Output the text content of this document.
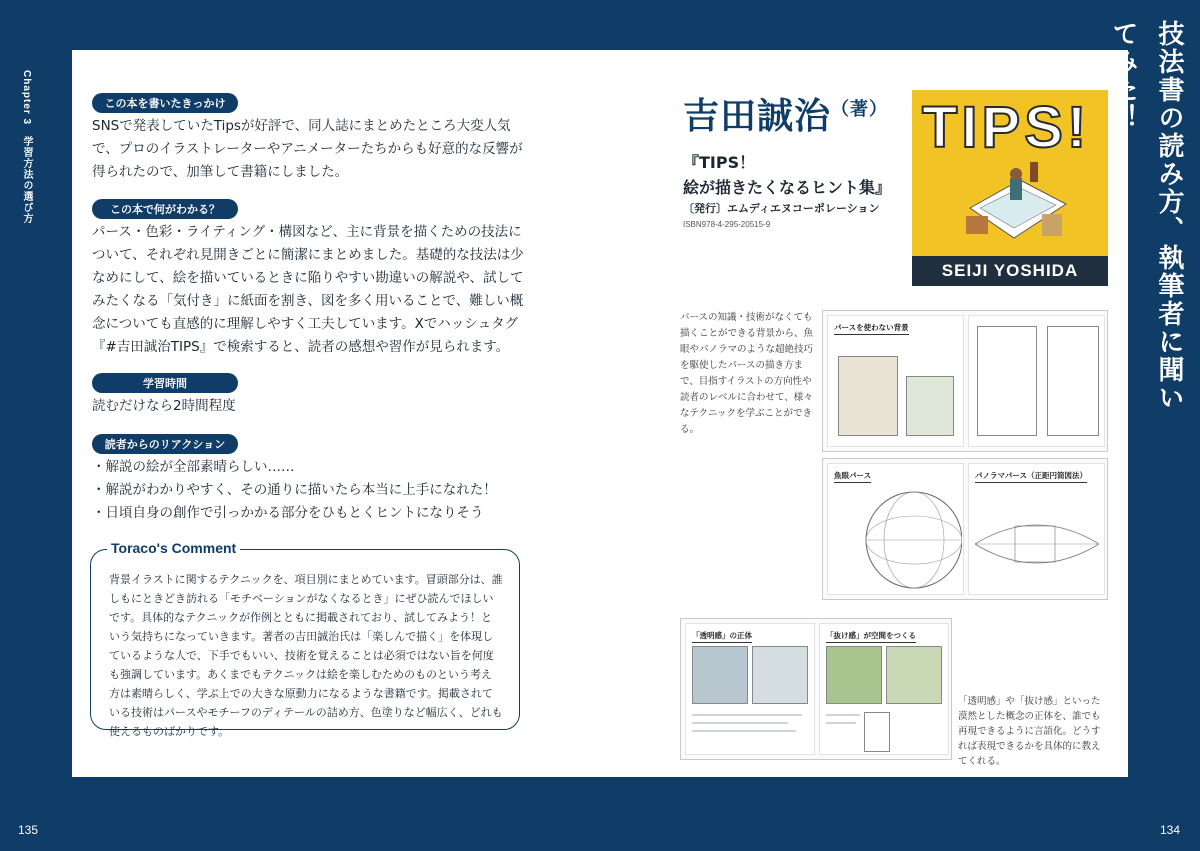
Chapter 3 学習方法の選び方	技法書の読み方、執筆者に聞いてみた！
135	134
この本を書いたきっかけ

SNSで発表していたTipsが好評で、同人誌にまとめたところ大変人気で、プロのイラストレーターやアニメーターたちからも好意的な反響が得られたので、加筆して書籍にしました。

この本で何がわかる？

パース・色彩・ライティング・構図など、主に背景を描くための技法について、それぞれ見開きごとに簡潔にまとめました。基礎的な技法は少なめにして、絵を描いているときに陥りやすい勘違いの解説や、試してみたくなる「気付き」に紙面を割き、図を多く用いることで、難しい概念についても直感的に理解しやすく工夫しています。Xでハッシュタグ『#吉田誠治TIPS』で検索すると、読者の感想や習作が見られます。

学習時間

読むだけなら2時間程度

読者からのリアクション

・解説の絵が全部素晴らしい……

・解説がわかりやすく、その通りに描いたら本当に上手になれた！

・日頃自身の創作で引っかかる部分をひもとくヒントになりそう

Toraco's Comment

背景イラストに関するテクニックを、項目別にまとめています。冒頭部分は、誰しもにときどき訪れる「モチベーションがなくなるとき」にぜひ読んでほしいです。具体的なテクニックが作例とともに掲載されており、試してみよう！という気持ちになっていきます。著者の吉田誠治氏は「楽しんで描く」を体現しているような人で、下手でもいい、技術を覚えることは必須ではない旨を何度も強調しています。あくまでもテクニックは絵を楽しむためのものという考え方は素晴らしく、学ぶ上での大きな原動力になるような書籍です。掲載されている技術はパースやモチーフのディテールの詰め方、色塗りなど幅広く、どれも使えるものばかりです。

吉田誠治$^{(著)}$
『TIPS！
絵が描きたくなるヒント集』
〔発行〕エムディエヌコーポレーション
ISBN978-4-295-20515-9
TIPS!
SEIJI YOSHIDA

パースの知識・技術がなくても描くことができる背景から、魚眼やパノラマのような超絶技巧を駆使したパースの描き方まで、目指すイラストの方向性や読者のレベルに合わせて、様々なテクニックを学ぶことができる。

「透明感」や「抜け感」といった漠然とした概念の正体を、誰でも再現できるように言語化。どうすれば表現できるかを具体的に教えてくれる。

パースを使わない背景
魚眼パース	パノラマパース（正距円筒図法）
「透明感」の正体	「抜け感」が空間をつくる
